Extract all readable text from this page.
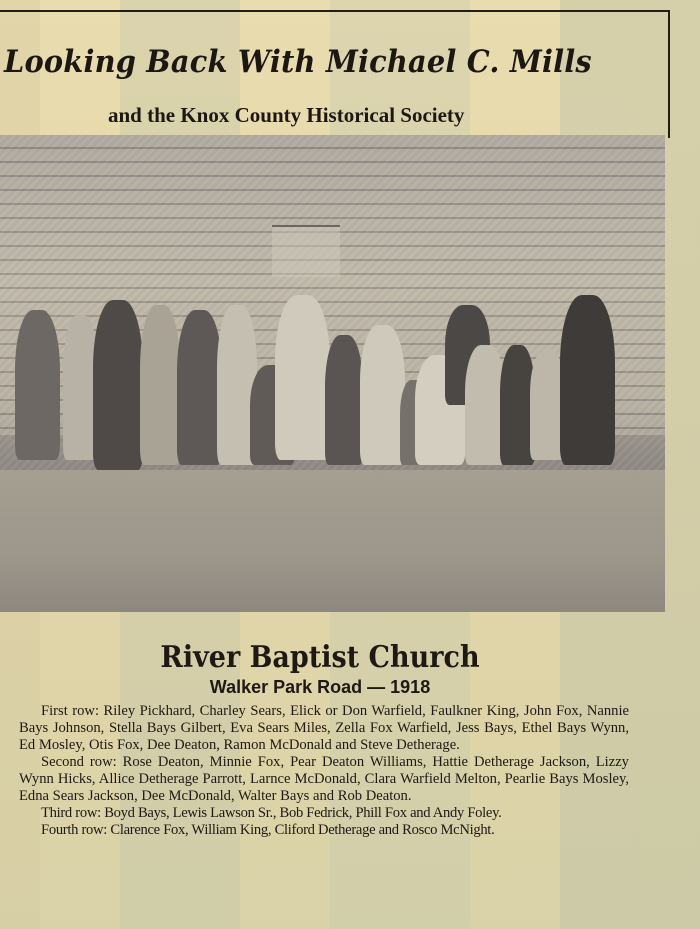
Looking Back With Michael C. Mills
and the Knox County Historical Society
River Baptist Church
Walker Park Road — 1918

First row: Riley Pickhard, Charley Sears, Elick or Don Warfield, Faulkner King, John Fox, Nannie Bays Johnson, Stella Bays Gilbert, Eva Sears Miles, Zella Fox Warfield, Jess Bays, Ethel Bays Wynn, Ed Mosley, Otis Fox, Dee Deaton, Ramon McDonald and Steve Detherage.

Second row: Rose Deaton, Minnie Fox, Pear Deaton Williams, Hattie Detherage Jackson, Lizzy Wynn Hicks, Allice Detherage Parrott, Larnce McDonald, Clara Warfield Melton, Pearlie Bays Mosley, Edna Sears Jackson, Dee McDonald, Walter Bays and Rob Deaton.

Third row: Boyd Bays, Lewis Lawson Sr., Bob Fedrick, Phill Fox and Andy Foley.

Fourth row: Clarence Fox, William King, Cliford Detherage and Rosco McNight.
